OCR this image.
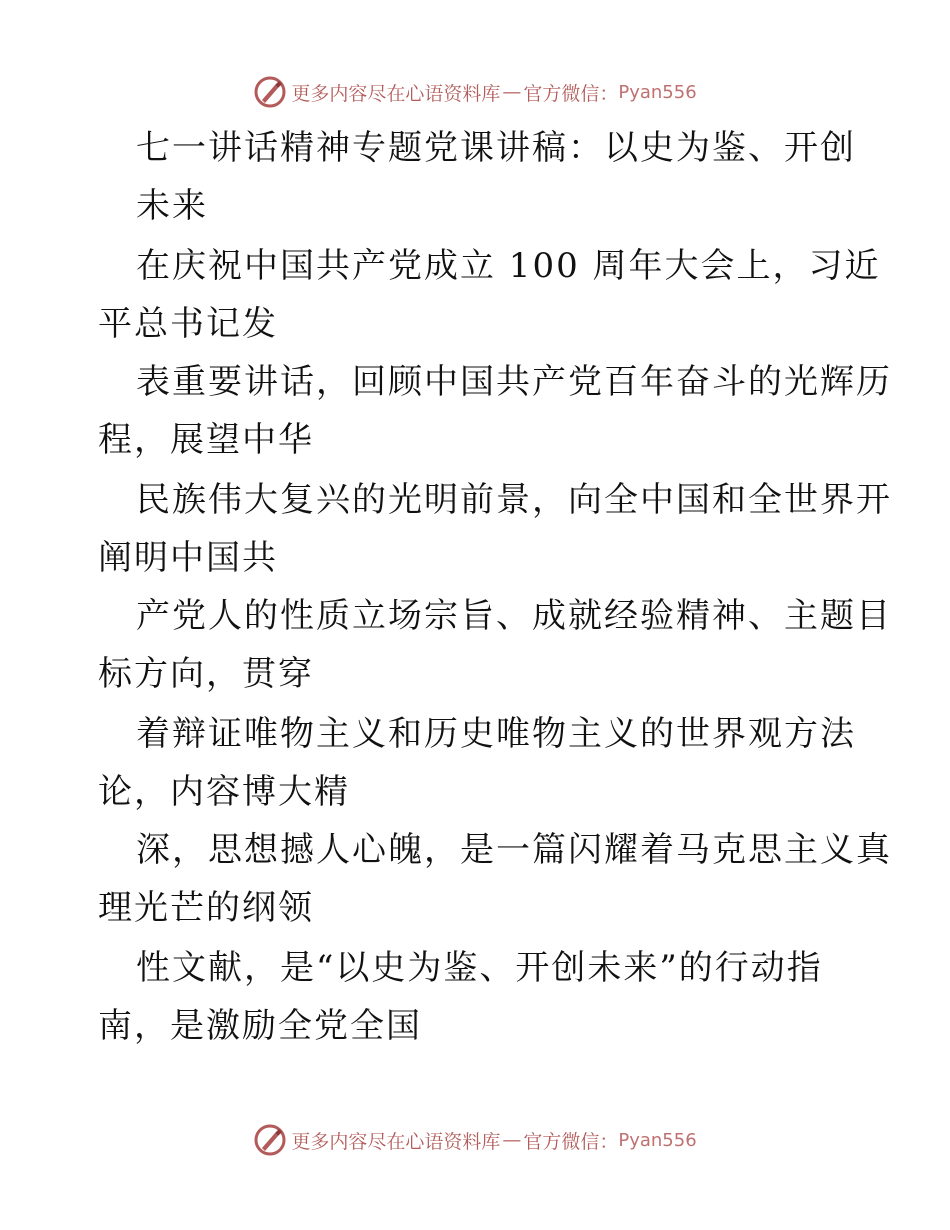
更多内容尽在心语资料库 — 官方微信： Pyan556
七一讲话精神专题党课讲稿：以史为鉴、开创
未来
在庆祝中国共产党成立 100 周年大会上，习近
平总书记发
表重要讲话，回顾中国共产党百年奋斗的光辉历
程，展望中华
民族伟大复兴的光明前景，向全中国和全世界开
阐明中国共
产党人的性质立场宗旨、成就经验精神、主题目
标方向，贯穿
着辩证唯物主义和历史唯物主义的世界观方法
论，内容博大精
深，思想撼人心魄，是一篇闪耀着马克思主义真
理光芒的纲领
性文献，是“以史为鉴、开创未来”的行动指
南，是激励全党全国
更多内容尽在心语资料库 — 官方微信： Pyan556
